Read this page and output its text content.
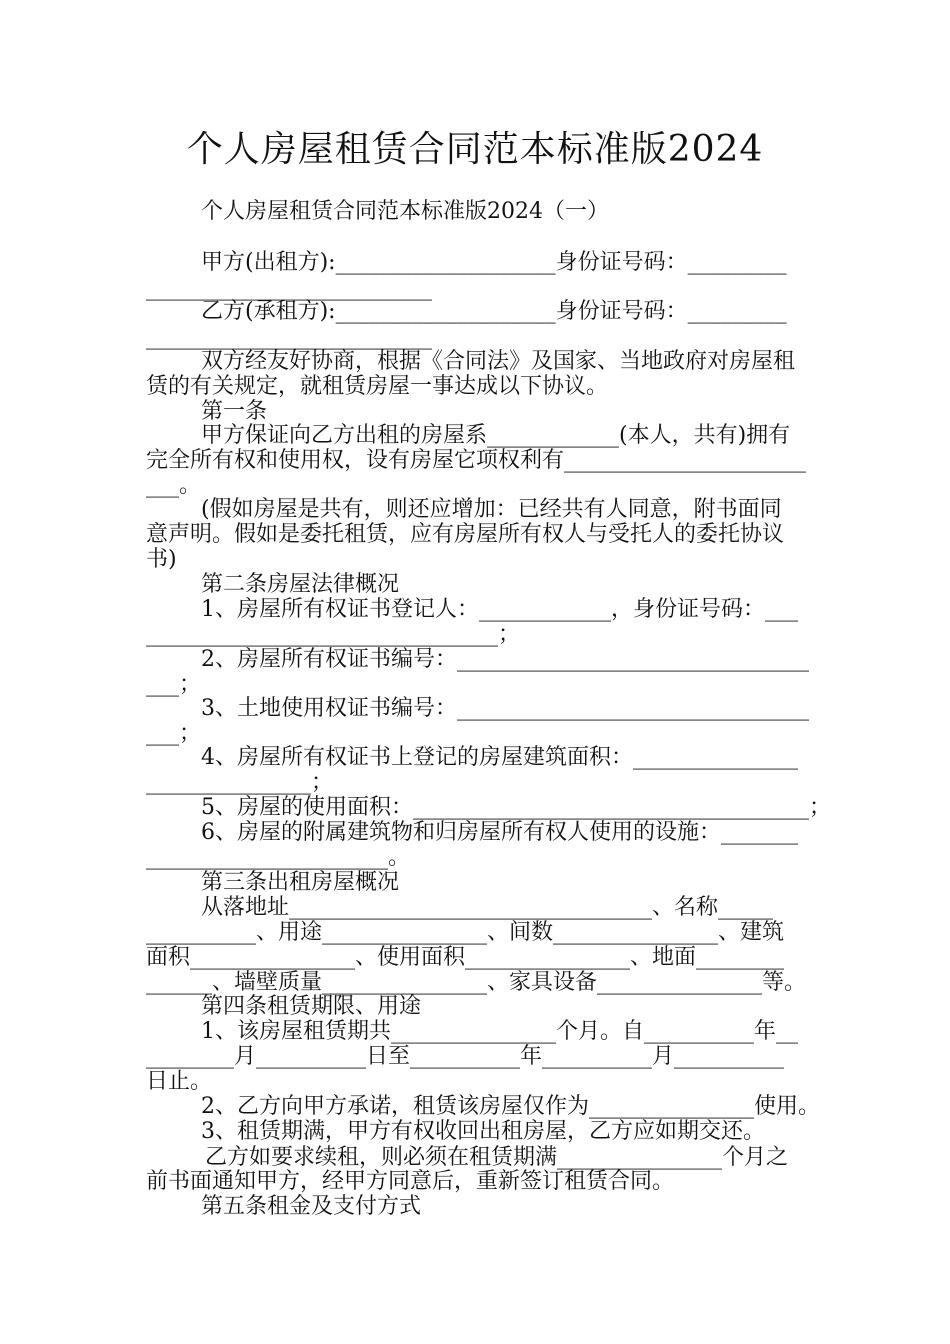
个人房屋租赁合同范本标准版2024
个人房屋租赁合同范本标准版2024（一）
甲方(出租方):____________________身份证号码：_________
__________________________
乙方(承租方):____________________身份证号码：_________
__________________________
双方经友好协商，根据《合同法》及国家、当地政府对房屋租
赁的有关规定，就租赁房屋一事达成以下协议。
第一条
甲方保证向乙方出租的房屋系____________(本人，共有)拥有
完全所有权和使用权，设有房屋它项权利有______________________
___。
(假如房屋是共有，则还应增加：已经共有人同意，附书面同
意声明。假如是委托租赁，应有房屋所有权人与受托人的委托协议
书)
第二条房屋法律概况
1、房屋所有权证书登记人：____________，身份证号码：___
________________________________；
2、房屋所有权证书编号：________________________________
___；
3、土地使用权证书编号：________________________________
___；
4、房屋所有权证书上登记的房屋建筑面积：_______________
_______________；
5、房屋的使用面积：____________________________________；
6、房屋的附属建筑物和归房屋所有权人使用的设施：_______
______________________。
第三条出租房屋概况
从落地址_________________________________、名称_____
__________、用途_______________、间数_______________、建筑
面积_______________、使用面积_______________、地面________
______、墙壁质量_______________、家具设备_______________等。
第四条租赁期限、用途
1、该房屋租赁期共_______________个月。自__________年__
________月__________日至__________年__________月__________
日止。
2、乙方向甲方承诺，租赁该房屋仅作为_______________使用。
3、租赁期满，甲方有权收回出租房屋，乙方应如期交还。
乙方如要求续租，则必须在租赁期满_______________个月之
前书面通知甲方，经甲方同意后，重新签订租赁合同。
第五条租金及支付方式
